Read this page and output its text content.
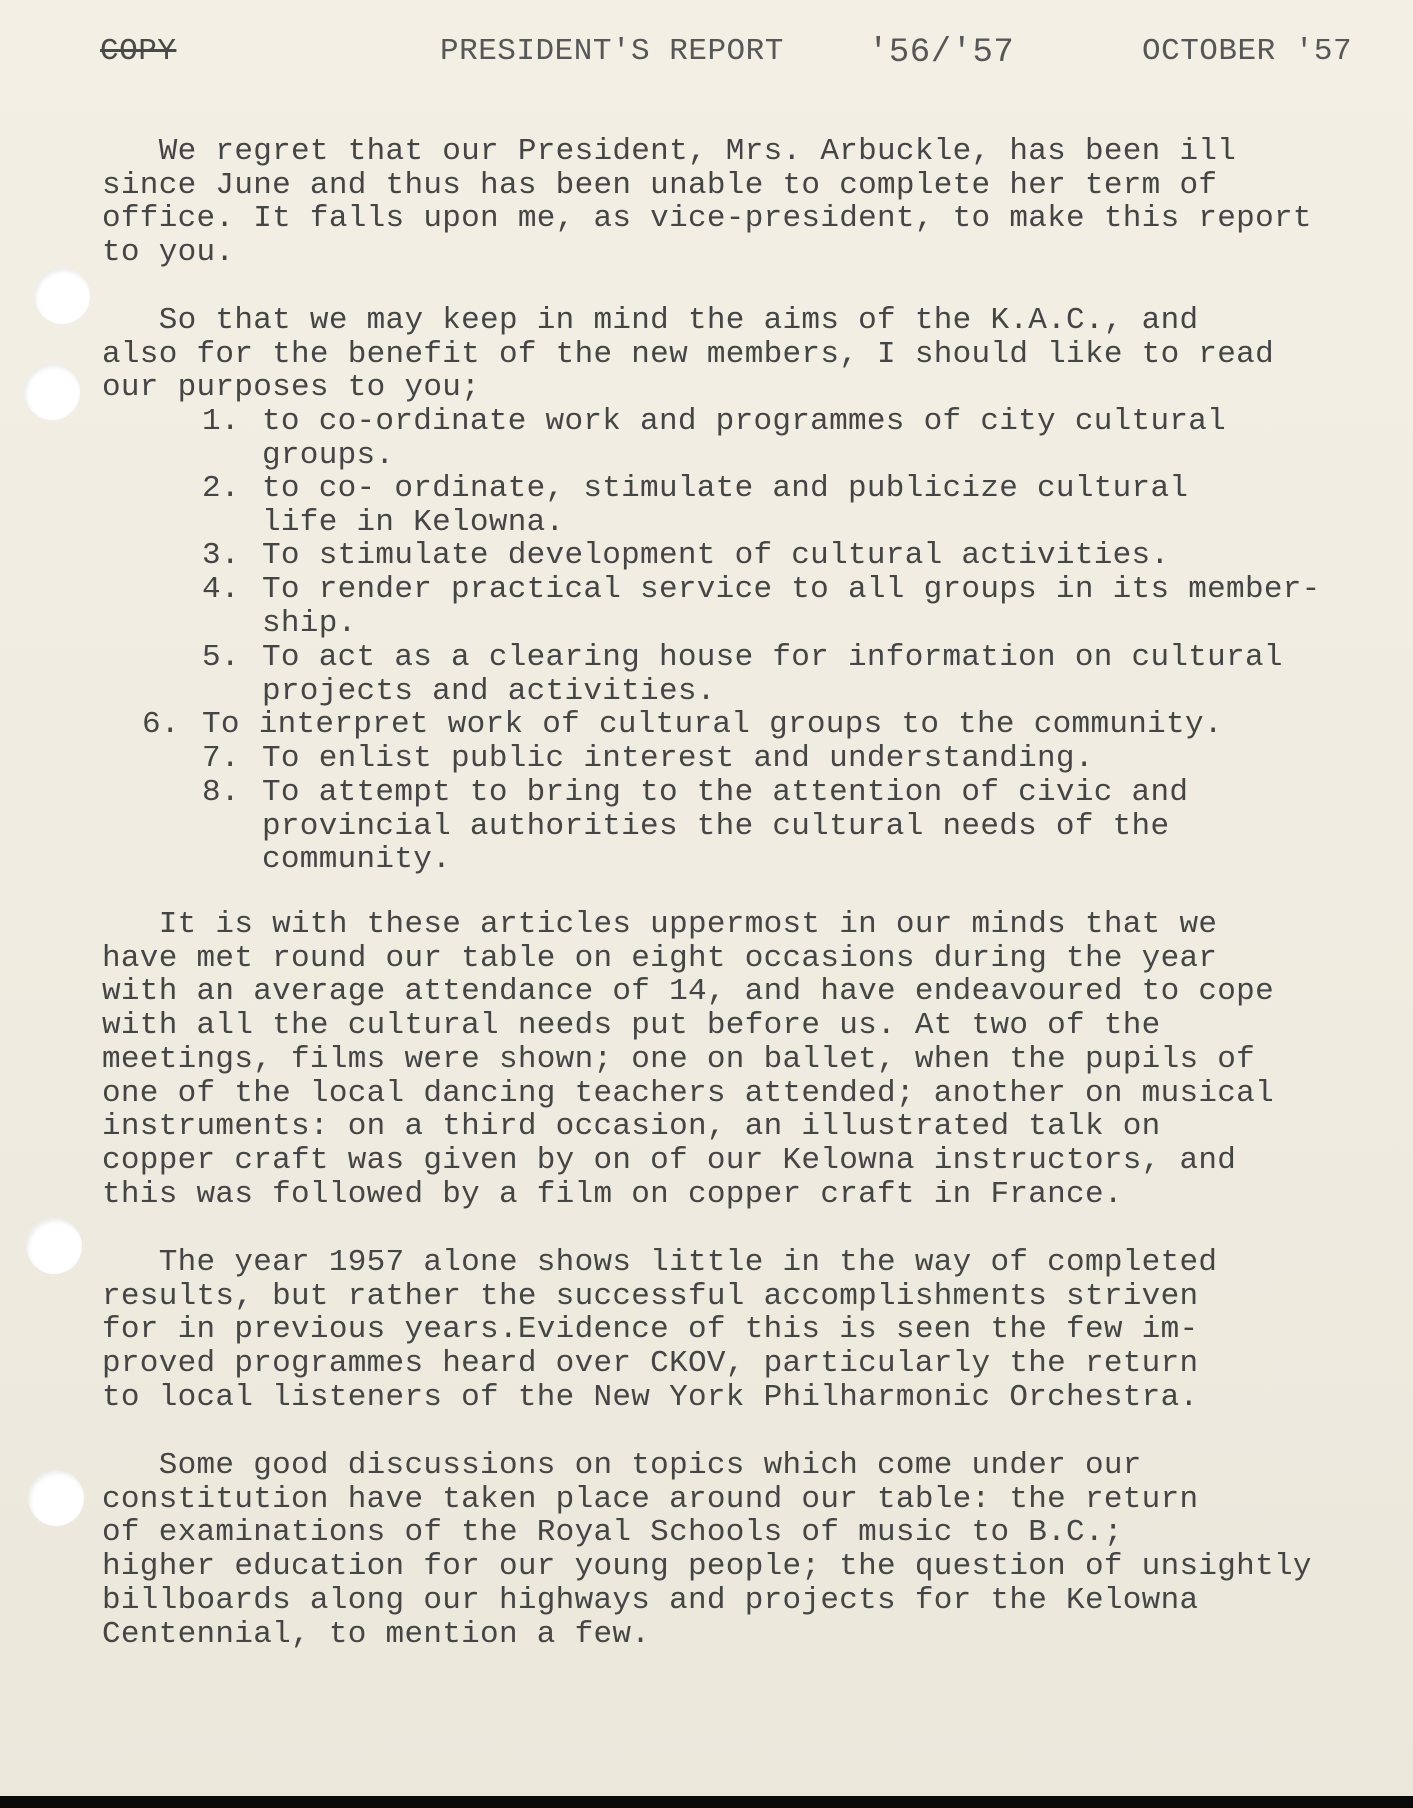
COPY	PRESIDENT'S REPORT '56/'57	OCTOBER '57
We regret that our President, Mrs. Arbuckle, has been ill
since June and thus has been unable to complete her term of
office. It falls upon me, as vice-president, to make this report
to you.
So that we may keep in mind the aims of the K.A.C., and
also for the benefit of the new members, I should like to read
our purposes to you;

1.

to co-ordinate work and programmes of city cultural
groups.

2.

to co- ordinate, stimulate and publicize cultural
life in Kelowna.

3.

To stimulate development of cultural activities.

4.

To render practical service to all groups in its member-
ship.

5.

To act as a clearing house for information on cultural
projects and activities.

6.

To interpret work of cultural groups to the community.

7.

To enlist public interest and understanding.

8.

To attempt to bring to the attention of civic and
provincial authorities the cultural needs of the
community.

It is with these articles uppermost in our minds that we
have met round our table on eight occasions during the year
with an average attendance of 14, and have endeavoured to cope
with all the cultural needs put before us. At two of the
meetings, films were shown; one on ballet, when the pupils of
one of the local dancing teachers attended; another on musical
instruments: on a third occasion, an illustrated talk on
copper craft was given by on of our Kelowna instructors, and
this was followed by a film on copper craft in France.
The year 1957 alone shows little in the way of completed
results, but rather the successful accomplishments striven
for in previous years.Evidence of this is seen the few im-
proved programmes heard over CKOV, particularly the return
to local listeners of the New York Philharmonic Orchestra.
Some good discussions on topics which come under our
constitution have taken place around our table: the return
of examinations of the Royal Schools of music to B.C.;
higher education for our young people; the question of unsightly
billboards along our highways and projects for the Kelowna
Centennial, to mention a few.
